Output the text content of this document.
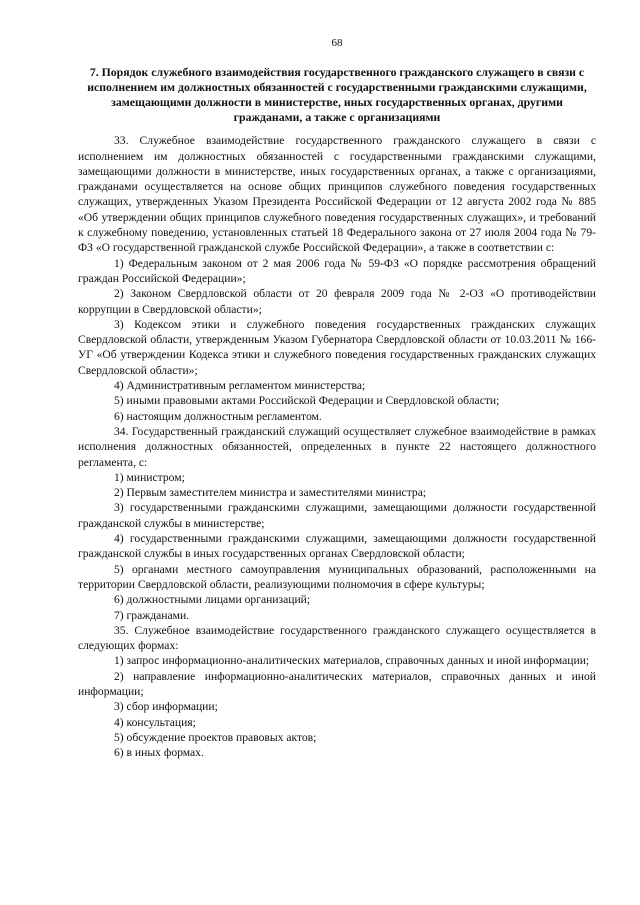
68
7. Порядок служебного взаимодействия государственного гражданского служащего в связи с исполнением им должностных обязанностей с государственными гражданскими служащими, замещающими должности в министерстве, иных государственных органах, другими гражданами, а также с организациями

33. Служебное взаимодействие государственного гражданского служащего в связи с исполнением им должностных обязанностей с государственными гражданскими служащими, замещающими должности в министерстве, иных государственных органах, а также с организациями, гражданами осуществляется на основе общих принципов служебного поведения государственных служащих, утвержденных Указом Президента Российской Федерации от 12 августа 2002 года № 885 «Об утверждении общих принципов служебного поведения государственных служащих», и требований к служебному поведению, установленных статьей 18 Федерального закона от 27 июля 2004 года № 79-ФЗ «О государственной гражданской службе Российской Федерации», а также в соответствии с:

1) Федеральным законом от 2 мая 2006 года № 59-ФЗ «О порядке рассмотрения обращений граждан Российской Федерации»;

2) Законом Свердловской области от 20 февраля 2009 года № 2-ОЗ «О противодействии коррупции в Свердловской области»;

3) Кодексом этики и служебного поведения государственных гражданских служащих Свердловской области, утвержденным Указом Губернатора Свердловской области от 10.03.2011 № 166-УГ «Об утверждении Кодекса этики и служебного поведения государственных гражданских служащих Свердловской области»;

4) Административным регламентом министерства;

5) иными правовыми актами Российской Федерации и Свердловской области;

6) настоящим должностным регламентом.

34. Государственный гражданский служащий осуществляет служебное взаимодействие в рамках исполнения должностных обязанностей, определенных в пункте 22 настоящего должностного регламента, с:

1) министром;

2) Первым заместителем министра и заместителями министра;

3) государственными гражданскими служащими, замещающими должности государственной гражданской службы в министерстве;

4) государственными гражданскими служащими, замещающими должности государственной гражданской службы в иных государственных органах Свердловской области;

5) органами местного самоуправления муниципальных образований, расположенными на территории Свердловской области, реализующими полномочия в сфере культуры;

6) должностными лицами организаций;

7) гражданами.

35. Служебное взаимодействие государственного гражданского служащего осуществляется в следующих формах:

1) запрос информационно-аналитических материалов, справочных данных и иной информации;

2) направление информационно-аналитических материалов, справочных данных и иной информации;

3) сбор информации;

4) консультация;

5) обсуждение проектов правовых актов;

6) в иных формах.
